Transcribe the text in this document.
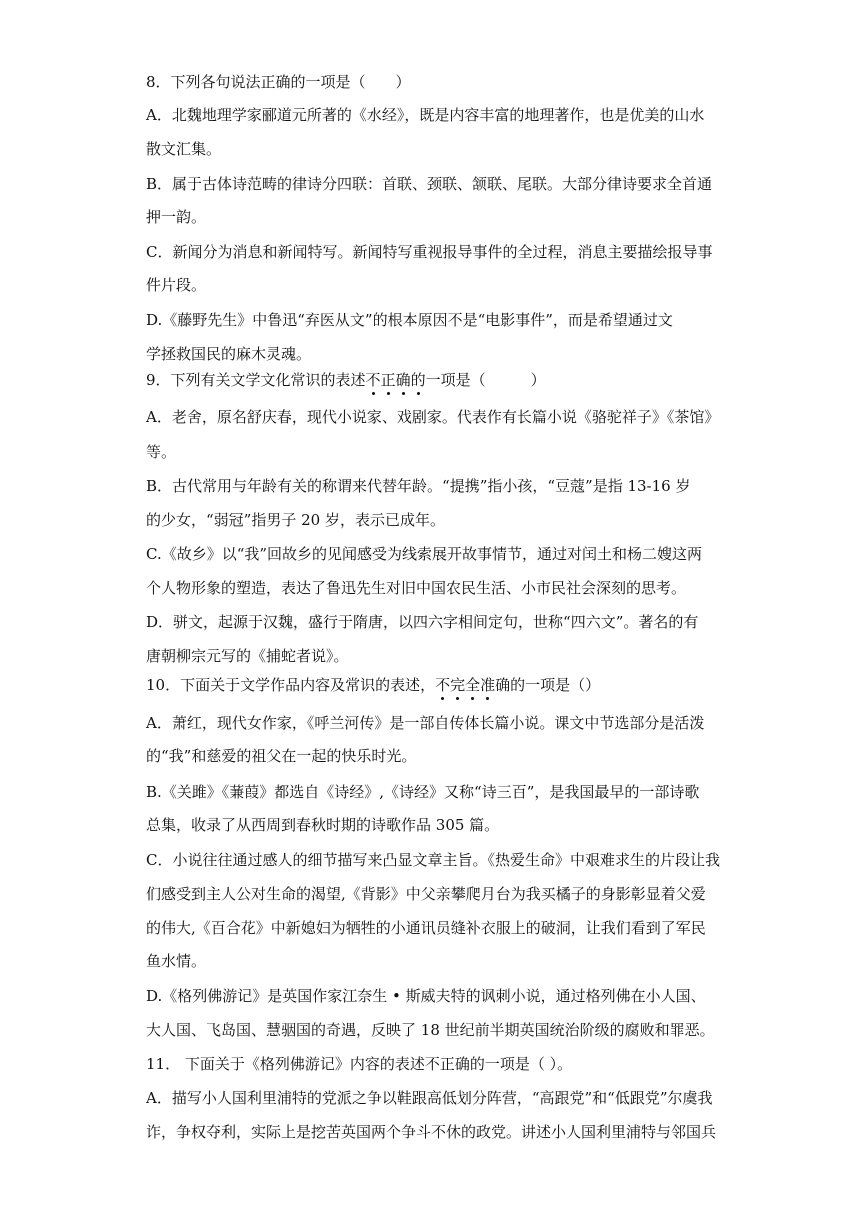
8．下列各句说法正确的一项是（　　）
A．北魏地理学家郦道元所著的《水经》，既是内容丰富的地理著作，也是优美的山水
散文汇集。
B．属于古体诗范畴的律诗分四联：首联、颈联、颔联、尾联。大部分律诗要求全首通
押一韵。
C．新闻分为消息和新闻特写。新闻特写重视报导事件的全过程，消息主要描绘报导事
件片段。
D.《藤野先生》中鲁迅“弃医从文”的根本原因不是“电影事件”，而是希望通过文
学拯救国民的麻木灵魂。
9．下列有关文学文化常识的表述不正确的一项是（　　　）
A．老舍，原名舒庆春，现代小说家、戏剧家。代表作有长篇小说《骆驼祥子》《茶馆》
等。
B．古代常用与年龄有关的称谓来代替年龄。“提携”指小孩，“豆蔻”是指 13-16 岁
的少女，“弱冠”指男子 20 岁，表示已成年。
C.《故乡》以“我”回故乡的见闻感受为线索展开故事情节，通过对闰土和杨二嫂这两
个人物形象的塑造，表达了鲁迅先生对旧中国农民生活、小市民社会深刻的思考。
D．骈文，起源于汉魏，盛行于隋唐，以四六字相间定句，世称“四六文”。著名的有
唐朝柳宗元写的《捕蛇者说》。
10．下面关于文学作品内容及常识的表述，不完全准确的一项是（）
A．萧红，现代女作家，《呼兰河传》是一部自传体长篇小说。课文中节选部分是活泼
的“我”和慈爱的祖父在一起的快乐时光。
B.《关雎》《蒹葭》都选自《诗经》,《诗经》又称“诗三百”，是我国最早的一部诗歌
总集，收录了从西周到春秋时期的诗歌作品 305 篇。
C．小说往往通过感人的细节描写来凸显文章主旨。《热爱生命》中艰难求生的片段让我
们感受到主人公对生命的渴望,《背影》中父亲攀爬月台为我买橘子的身影彰显着父爱
的伟大,《百合花》中新媳妇为牺牲的小通讯员缝补衣服上的破洞，让我们看到了军民
鱼水情。
D.《格列佛游记》是英国作家江奈生 • 斯威夫特的讽刺小说，通过格列佛在小人国、
大人国、飞岛国、慧骃国的奇遇，反映了 18 世纪前半期英国统治阶级的腐败和罪恶。
11． 下面关于《格列佛游记》内容的表述不正确的一项是（ ）。
A．描写小人国利里浦特的党派之争以鞋跟高低划分阵营，“高跟党”和“低跟党”尔虞我
诈，争权夺利，实际上是挖苦英国两个争斗不休的政党。讲述小人国利里浦特与邻国兵
